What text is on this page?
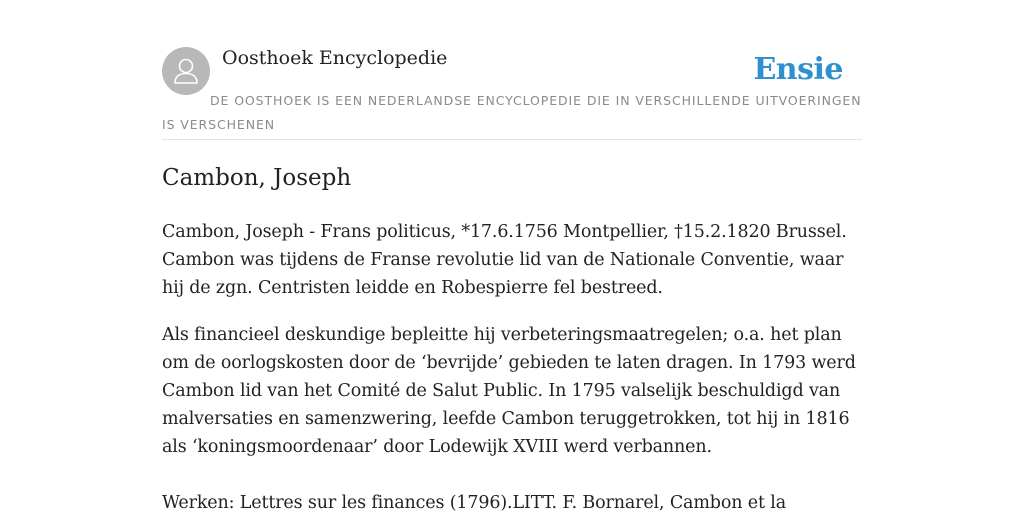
Oosthoek Encyclopedie	Ensie
DE OOSTHOEK IS EEN NEDERLANDSE ENCYCLOPEDIE DIE IN VERSCHILLENDE UITVOERINGEN IS VERSCHENEN
Cambon, Joseph

Cambon, Joseph - Frans politicus, *17.6.1756 Montpellier, †15.2.1820 Brussel. Cambon was tijdens de Franse revolutie lid van de Nationale Conventie, waar hij de zgn. Centristen leidde en Robespierre fel bestreed.

Als financieel deskundige bepleitte hij verbeteringsmaatregelen; o.a. het plan om de oorlogskosten door de ‘bevrijde’ gebieden te laten dragen. In 1793 werd Cambon lid van het Comité de Salut Public. In 1795 valselijk beschuldigd van malversaties en samenzwering, leefde Cambon teruggetrokken, tot hij in 1816 als ‘koningsmoordenaar’ door Lodewijk XVIII werd verbannen.

Werken: Lettres sur les finances (1796).LITT. F. Bornarel, Cambon et la
